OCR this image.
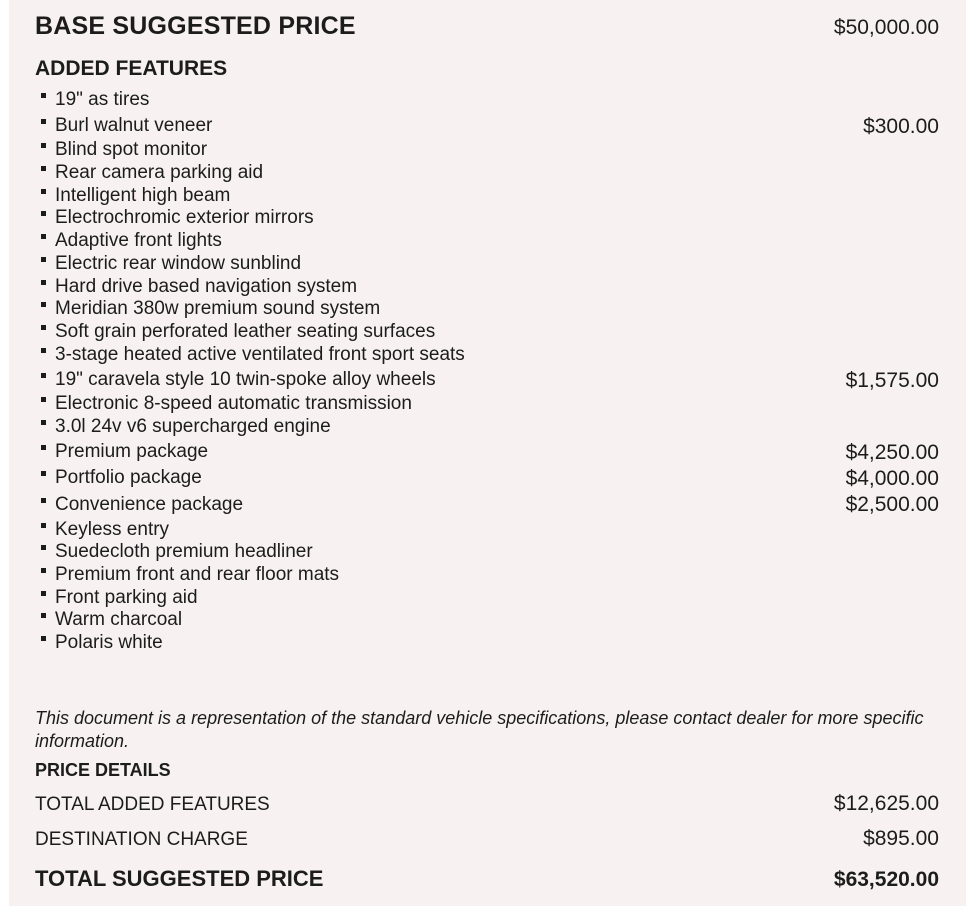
BASE SUGGESTED PRICE	$50,000.00
ADDED FEATURES
19" as tires
Burl walnut veneer	$300.00
Blind spot monitor
Rear camera parking aid
Intelligent high beam
Electrochromic exterior mirrors
Adaptive front lights
Electric rear window sunblind
Hard drive based navigation system
Meridian 380w premium sound system
Soft grain perforated leather seating surfaces
3-stage heated active ventilated front sport seats
19" caravela style 10 twin-spoke alloy wheels	$1,575.00
Electronic 8-speed automatic transmission
3.0l 24v v6 supercharged engine
Premium package	$4,250.00
Portfolio package	$4,000.00
Convenience package	$2,500.00
Keyless entry
Suedecloth premium headliner
Premium front and rear floor mats
Front parking aid
Warm charcoal
Polaris white
This document is a representation of the standard vehicle specifications, please contact dealer for more specific information.
PRICE DETAILS
TOTAL ADDED FEATURES	$12,625.00
DESTINATION CHARGE	$895.00
TOTAL SUGGESTED PRICE	$63,520.00
